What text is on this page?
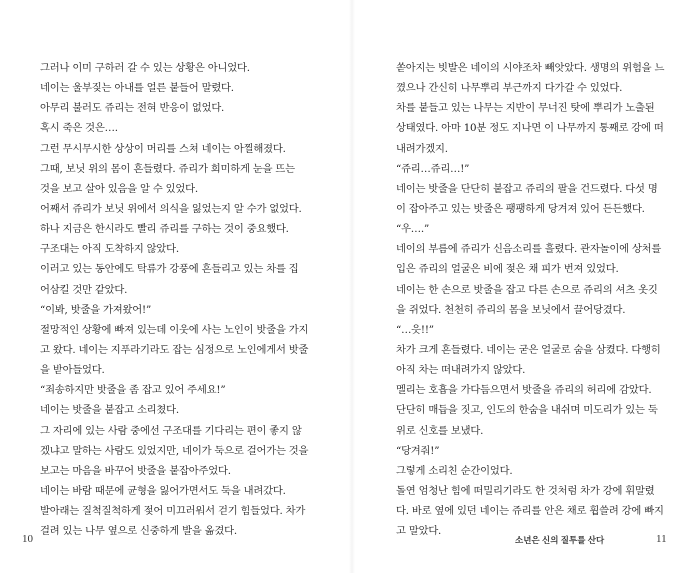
그러나 이미 구하러 갈 수 있는 상황은 아니었다.
네이는 울부짖는 아내를 얼른 붙들어 말렸다.
아무리 불러도 쥬리는 전혀 반응이 없었다.
혹시 죽은 것은….
그런 무시무시한 상상이 머리를 스쳐 네이는 아찔해졌다.
그때, 보닛 위의 몸이 흔들렸다. 쥬리가 희미하게 눈을 뜨는
것을 보고 살아 있음을 알 수 있었다.
어째서 쥬리가 보닛 위에서 의식을 잃었는지 알 수가 없었다.
하나 지금은 한시라도 빨리 쥬리를 구하는 것이 중요했다.
구조대는 아직 도착하지 않았다.
이러고 있는 동안에도 탁류가 강풍에 흔들리고 있는 차를 집
어삼킬 것만 같았다.
“이봐, 밧줄을 가져왔어!”
절망적인 상황에 빠져 있는데 이웃에 사는 노인이 밧줄을 가지
고 왔다. 네이는 지푸라기라도 잡는 심정으로 노인에게서 밧줄
을 받아들었다.
“죄송하지만 밧줄을 좀 잡고 있어 주세요!”
네이는 밧줄을 붙잡고 소리쳤다.
그 자리에 있는 사람 중에선 구조대를 기다리는 편이 좋지 않
겠냐고 말하는 사람도 있었지만, 네이가 둑으로 걸어가는 것을
보고는 마음을 바꾸어 밧줄을 붙잡아주었다.
네이는 바람 때문에 균형을 잃어가면서도 둑을 내려갔다.
발아래는 질척질척하게 젖어 미끄러워서 걷기 힘들었다. 차가
걸려 있는 나무 옆으로 신중하게 발을 옮겼다.
쏟아지는 빗발은 네이의 시야조차 빼앗았다. 생명의 위험을 느
꼈으나 간신히 나무뿌리 부근까지 다가갈 수 있었다.
차를 붙들고 있는 나무는 지반이 무너진 탓에 뿌리가 노출된
상태였다. 아마 10분 정도 지나면 이 나무까지 통째로 강에 떠
내려가겠지.
“쥬리…쥬리…!”
네이는 밧줄을 단단히 붙잡고 쥬리의 팔을 건드렸다. 다섯 명
이 잡아주고 있는 밧줄은 팽팽하게 당겨져 있어 든든했다.
“우….”
네이의 부름에 쥬리가 신음소리를 흘렸다. 관자놀이에 상처를
입은 쥬리의 얼굴은 비에 젖은 채 피가 번져 있었다.
네이는 한 손으로 밧줄을 잡고 다른 손으로 쥬리의 셔츠 옷깃
을 쥐었다. 천천히 쥬리의 몸을 보닛에서 끌어당겼다.
“…읏!!”
차가 크게 흔들렸다. 네이는 굳은 얼굴로 숨을 삼켰다. 다행히
아직 차는 떠내려가지 않았다.
멜리는 호흡을 가다듬으면서 밧줄을 쥬리의 허리에 감았다.
단단히 매듭을 짓고, 인도의 한숨을 내쉬며 미도리가 있는 둑
위로 신호를 보냈다.
“당겨줘!”
그렇게 소리친 순간이었다.
돌연 엄청난 힘에 떠밀리기라도 한 것처럼 차가 강에 휘말렸
다. 바로 옆에 있던 네이는 쥬리를 안은 채로 휩쓸려 강에 빠지
고 말았다.
10	소년은 신의 질투를 산다	11
